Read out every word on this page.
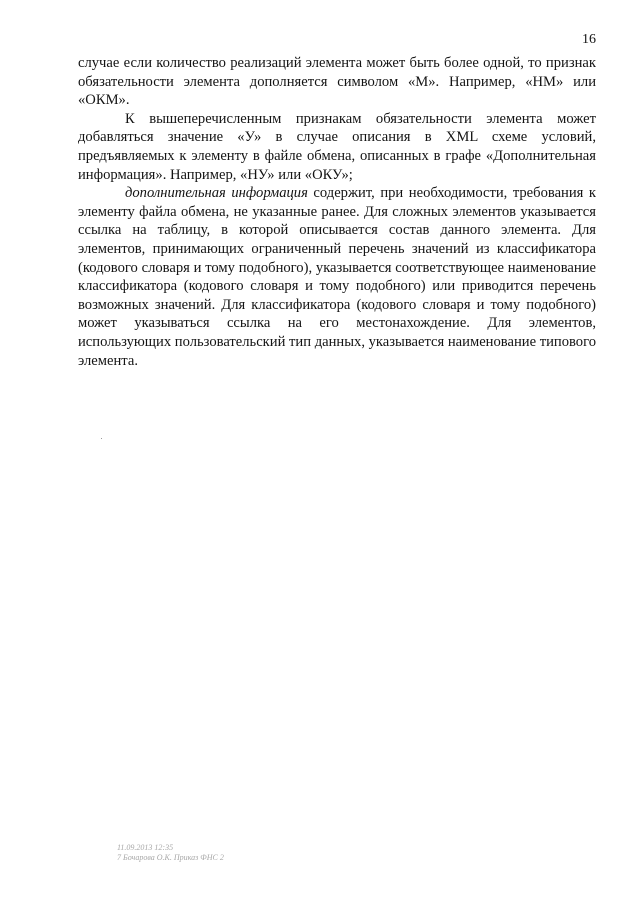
16

случае если количество реализаций элемента может быть более одной, то признак обязательности элемента дополняется символом «М». Например, «НМ» или «ОКМ».

К вышеперечисленным признакам обязательности элемента может добавляться значение «У» в случае описания в XML схеме условий, предъявляемых к элементу в файле обмена, описанных в графе «Дополнительная информация». Например, «НУ» или «ОКУ»;

дополнительная информация содержит, при необходимости, требования к элементу файла обмена, не указанные ранее. Для сложных элементов указывается ссылка на таблицу, в которой описывается состав данного элемента. Для элементов, принимающих ограниченный перечень значений из классификатора (кодового словаря и тому подобного), указывается соответствующее наименование классификатора (кодового словаря и тому подобного) или приводится перечень возможных значений. Для классификатора (кодового словаря и тому подобного) может указываться ссылка на его местонахождение. Для элементов, использующих пользовательский тип данных, указывается наименование типового элемента.

11.09.2013 12:35
7 Бочарова О.К. Приказ ФНС 2
